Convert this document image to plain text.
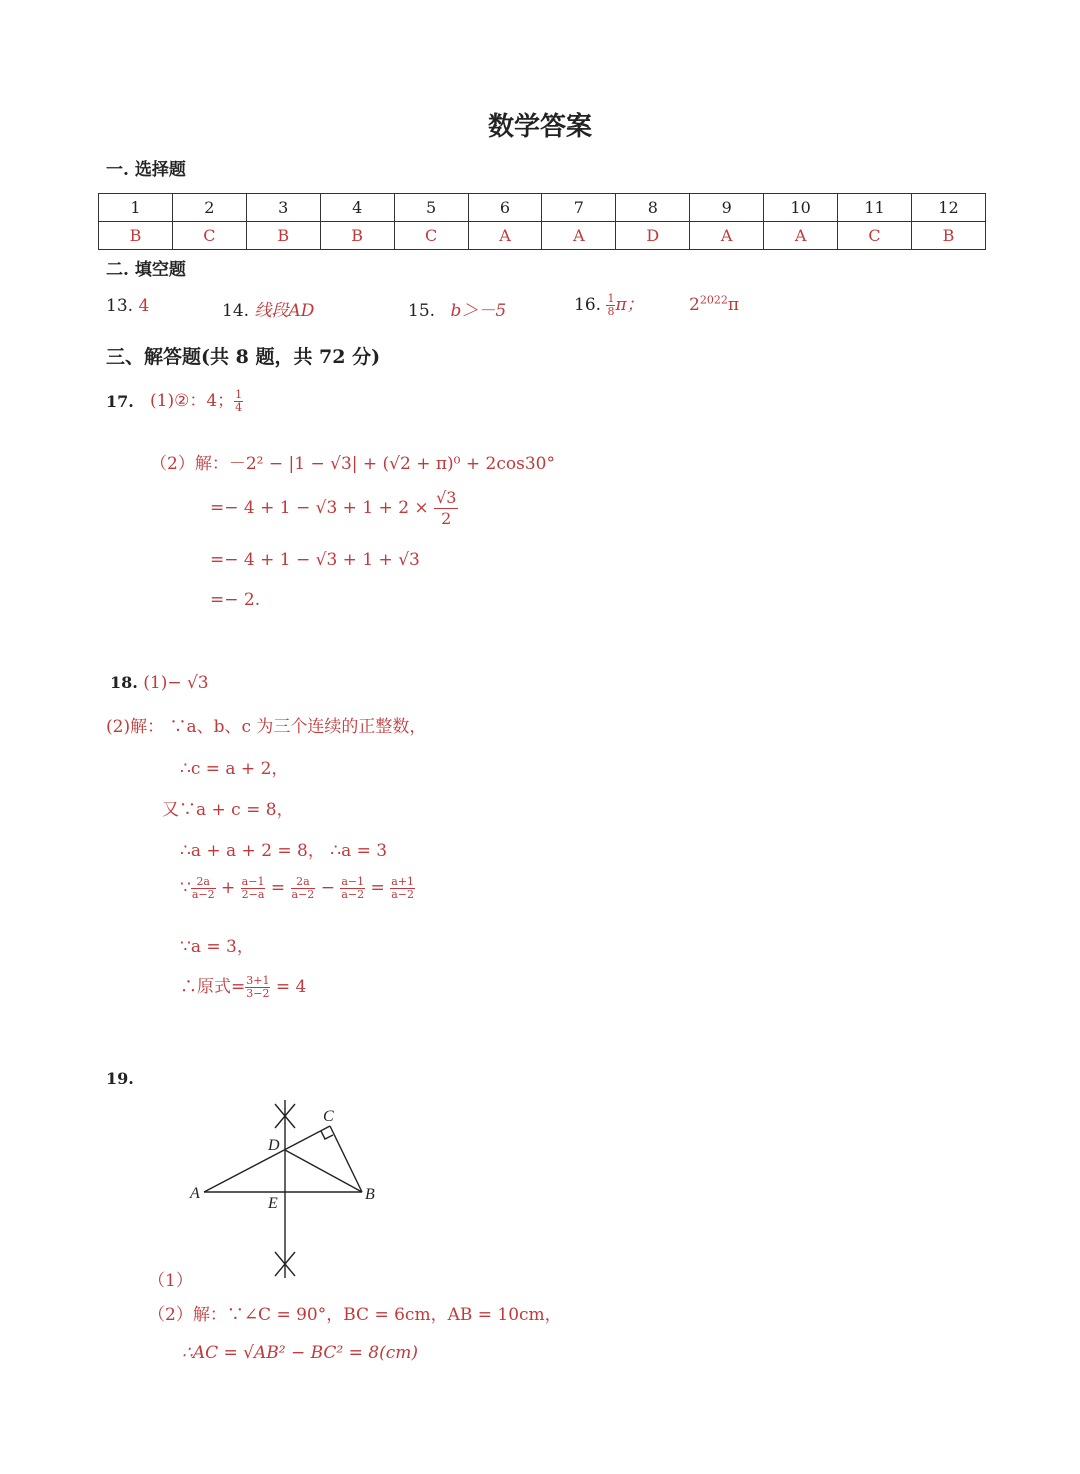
数学答案
一. 选择题
1	2	3	4	5	6	7	8	9	10	11	12
B	C	B	B	C	A	A	D	A	A	C	B
二. 填空题
13. 4	14. 线段AD	15. b＞－5	16. $\frac{1}{8}$ π；	$2^{2022}\pi$
三、解答题(共 8 题，共 72 分)
17. (1)②：4； $\frac{1}{4}$
（2）解：－2² − |1 − √3| + (√2 + π)⁰ + 2cos30°
=− $4 + 1 - √3 + 1 + 2 \times \frac{√3}{2}$
=− 4 + 1 − √3 + 1 + √3
=− 2.
18. (1)− √3
(2)解： ∵a、b、c 为三个连续的正整数，
∴c = a + 2，
又∵a + c = 8，
∴a + a + 2 = 8， ∴a = 3
∵ $\frac{2a}{a-2} + \frac{a-1}{2-a} = \frac{2a}{a-2} - \frac{a-1}{a-2} = \frac{a+1}{a-2}$
∵a = 3，
∴原式= $\frac{3+1}{3-2} = 4$
19.
A	B
C
D
E
（1）
（2）解：∵∠C = 90°，BC = 6cm，AB = 10cm，
∴AC = √AB² − BC² = 8(cm)
